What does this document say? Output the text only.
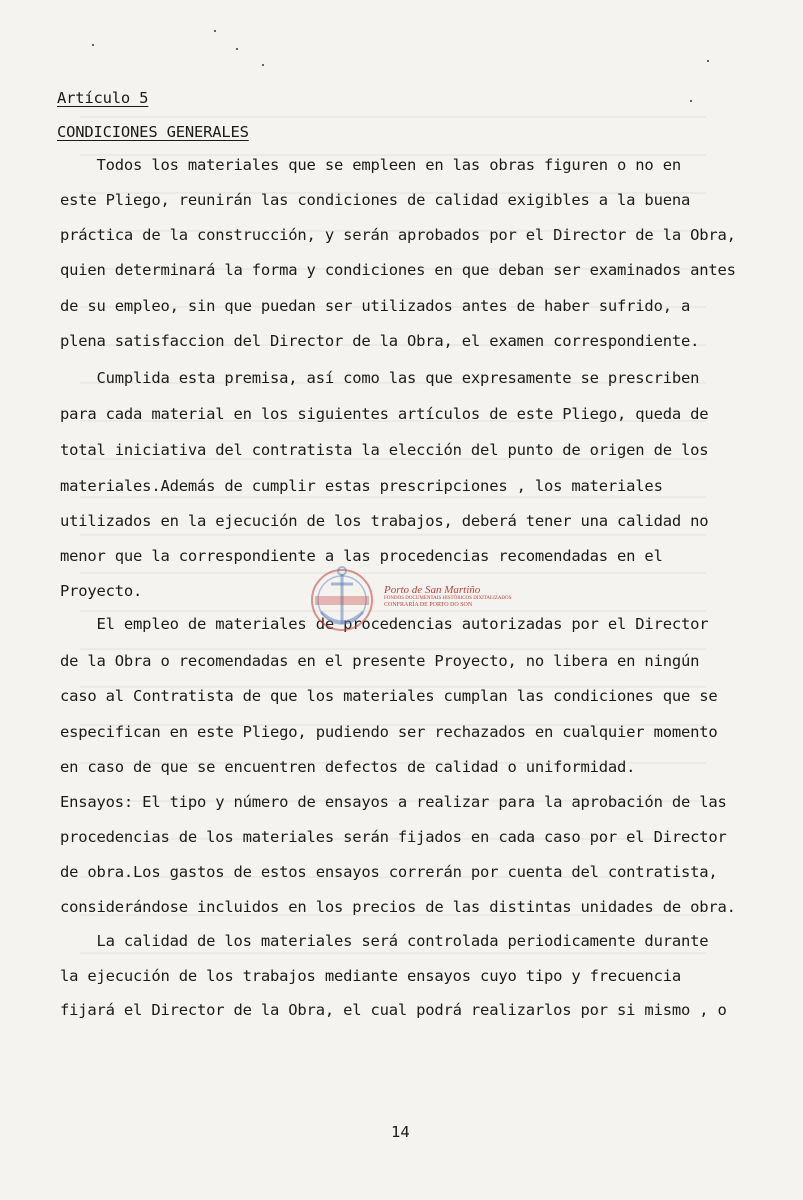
Artículo 5
CONDICIONES GENERALES
Todos los materiales que se empleen en las obras figuren o no en
este Pliego, reunirán las condiciones de calidad exigibles a la buena
práctica de la construcción, y serán aprobados por el Director de la Obra,
quien determinará la forma y condiciones en que deban ser examinados antes
de su empleo, sin que puedan ser utilizados antes de haber sufrido, a
plena satisfaccion del Director de la Obra, el examen correspondiente.
Cumplida esta premisa, así como las que expresamente se prescriben
para cada material en los siguientes artículos de este Pliego, queda de
total iniciativa del contratista la elección del punto de origen de los
materiales.Además de cumplir estas prescripciones , los materiales
utilizados en la ejecución de los trabajos, deberá tener una calidad no
menor que la correspondiente a las procedencias recomendadas en el
Proyecto.
El empleo de materiales de procedencias autorizadas por el Director
de la Obra o recomendadas en el presente Proyecto, no libera en ningún
caso al Contratista de que los materiales cumplan las condiciones que se
especifican en este Pliego, pudiendo ser rechazados en cualquier momento
en caso de que se encuentren defectos de calidad o uniformidad.
Ensayos: El tipo y número de ensayos a realizar para la aprobación de las
procedencias de los materiales serán fijados en cada caso por el Director
de obra.Los gastos de estos ensayos correrán por cuenta del contratista,
considerándose incluidos en los precios de las distintas unidades de obra.
La calidad de los materiales será controlada periodicamente durante
la ejecución de los trabajos mediante ensayos cuyo tipo y frecuencia
fijará el Director de la Obra, el cual podrá realizarlos por si mismo , o
Porto de San Martiño
FONDOS DOCUMENTAIS HISTÓRICOS DIXITALIZADOS
CONFRARÍA DE PORTO DO SON
14
